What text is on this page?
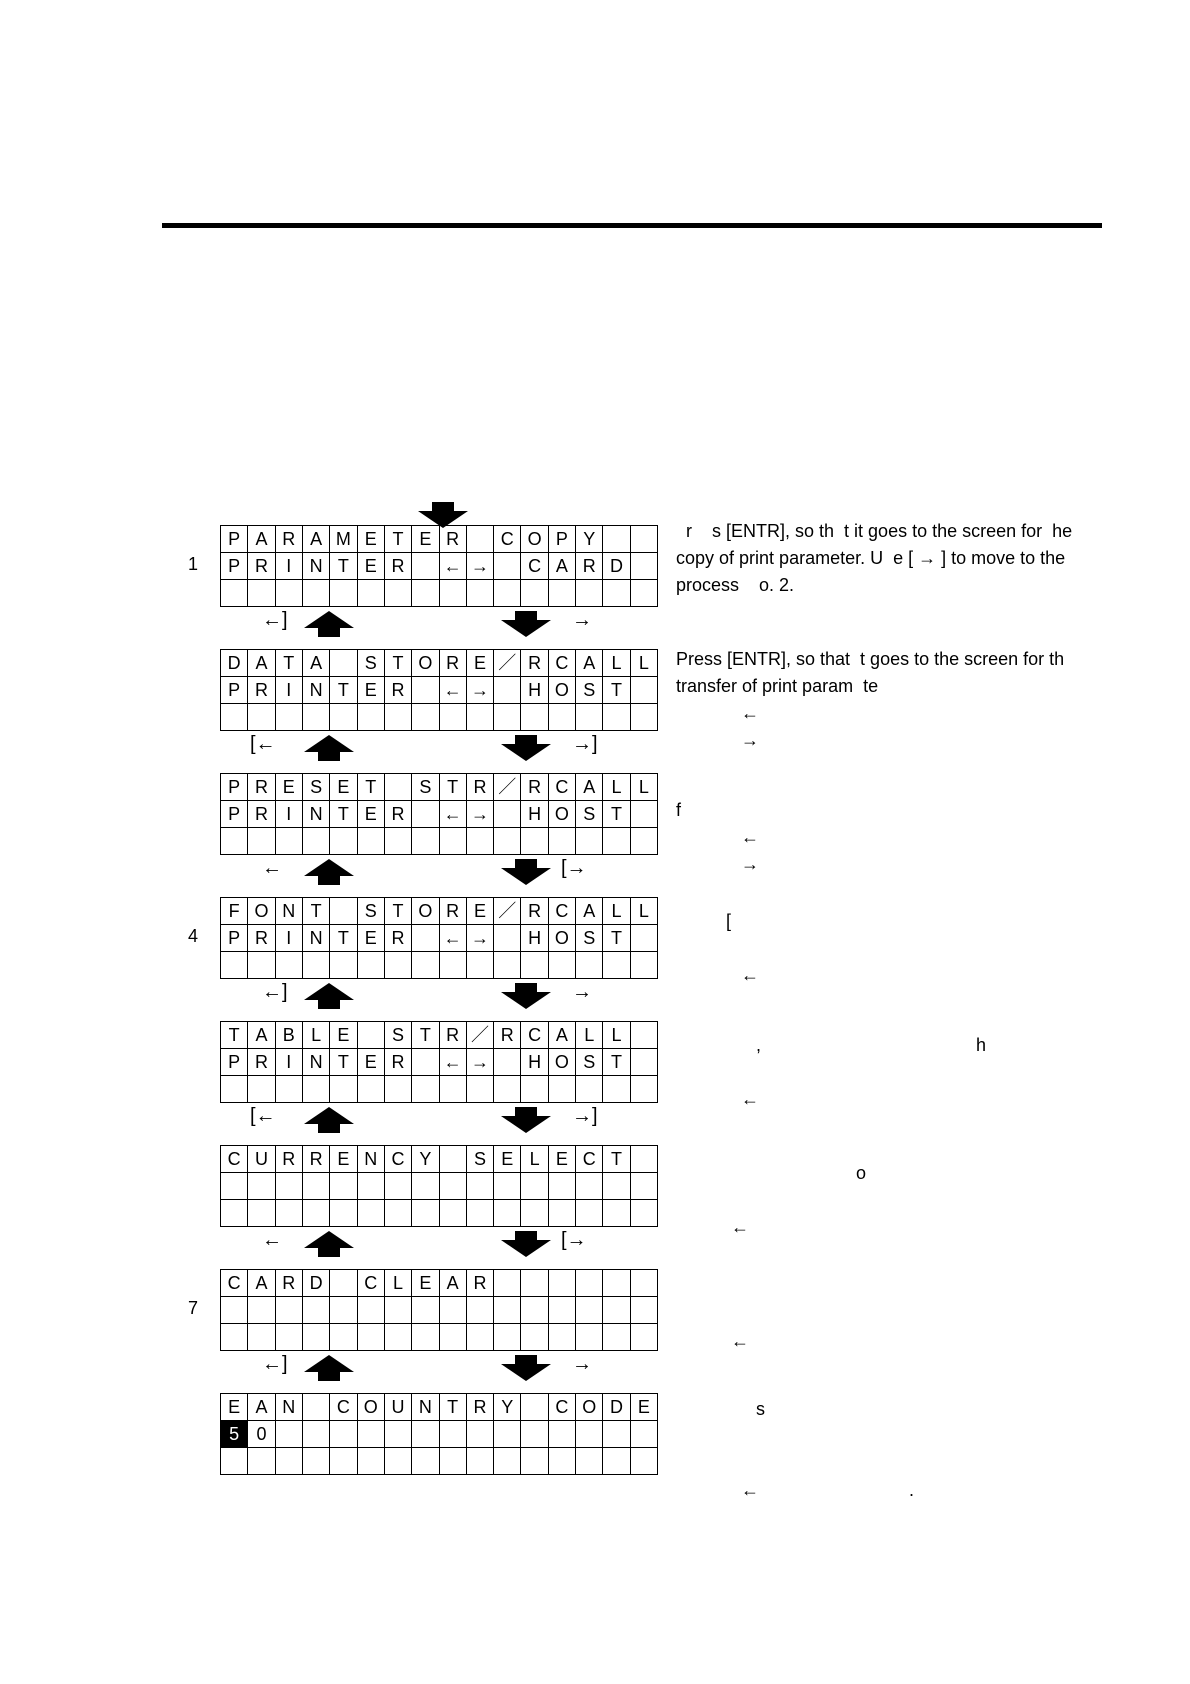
P A R A M E T E R	C O P Y
P R	I	N T E R	← →	C A R D
1
r    s [ENTR], so th  t it goes to the screen for  he
copy of print parameter. U  e [ → ] to move to the
process    o. 2.
D A T A	S T O R E ／ R C A L L
P R	I	N T E R	← →	H O S T
Press [ENTR], so that  t goes to the screen for th
transfer of print param  te
←
→
P R E S E T	S T R ／ R C A L L
P R	I	N T E R	← →	H O S T	f
←
→
F O N T	S T O R E ／ R C A L L
P R	I	N T E R	← →	H O S T
4
[

←
T A B L E	S T R ／ R C A L L
P R	I	N T E R	← →	H O S T
,                                           h

←
C U R R E N C Y	S E L E C T
o

←
C A R D	C L E A R
7
←
E A N	C O U N T R Y	C O D E
5 0
s

←                              .
←]	→
[←	→]
←	[→
←]	→
[←	→]
←	[→
←]	→
